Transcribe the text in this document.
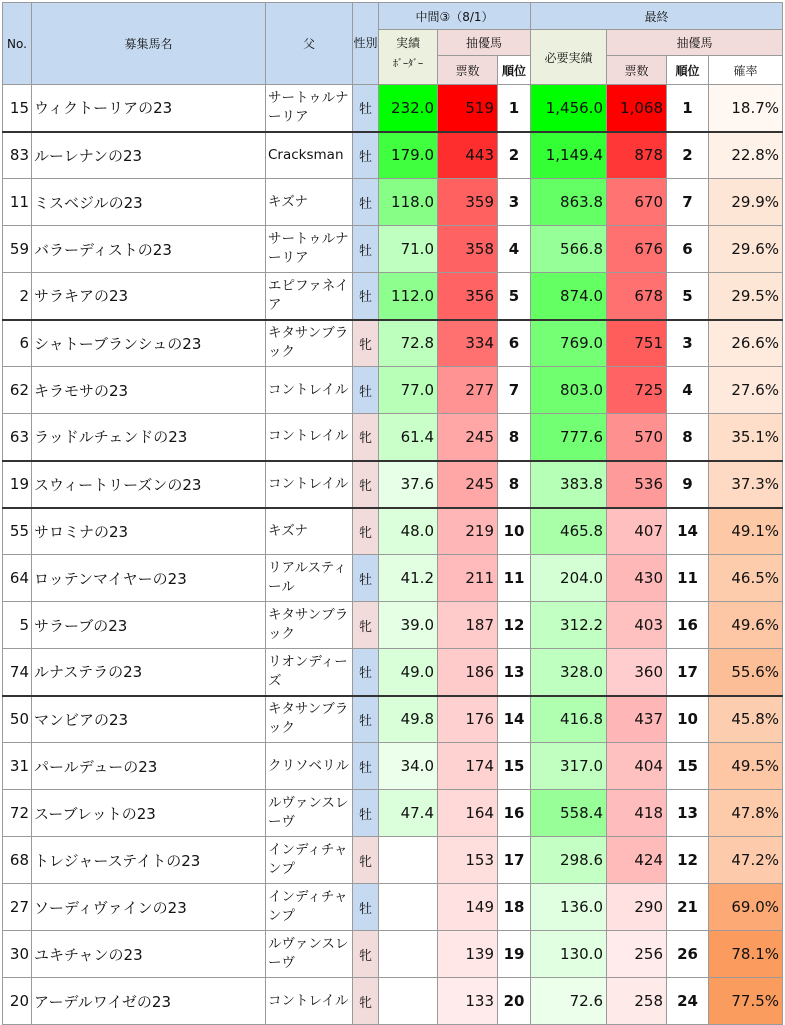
No.	募集馬名	父	性別	中間③（8/1）			最終			

				実績
ﾎﾞｰﾀﾞｰ	抽優馬		必要実績	抽優馬		
					票数	順位		票数	順位	確率
15	ウィクトーリアの23	サートゥルナーリア	牡	232.0	519	1	1,456.0	1,068	1	18.7%
83	ルーレナンの23	Cracksman	牡	179.0	443	2	1,149.4	878	2	22.8%
11	ミスベジルの23	キズナ	牡	118.0	359	3	863.8	670	7	29.9%
59	バラーディストの23	サートゥルナーリア	牡	71.0	358	4	566.8	676	6	29.6%
2	サラキアの23	エピファネイア	牡	112.0	356	5	874.0	678	5	29.5%
6	シャトーブランシュの23	キタサンブラック	牝	72.8	334	6	769.0	751	3	26.6%
62	キラモサの23	コントレイル	牡	77.0	277	7	803.0	725	4	27.6%
63	ラッドルチェンドの23	コントレイル	牝	61.4	245	8	777.6	570	8	35.1%
19	スウィートリーズンの23	コントレイル	牝	37.6	245	8	383.8	536	9	37.3%
55	サロミナの23	キズナ	牝	48.0	219	10	465.8	407	14	49.1%
64	ロッテンマイヤーの23	リアルスティール	牡	41.2	211	11	204.0	430	11	46.5%
5	サラーブの23	キタサンブラック	牝	39.0	187	12	312.2	403	16	49.6%
74	ルナステラの23	リオンディーズ	牡	49.0	186	13	328.0	360	17	55.6%
50	マンビアの23	キタサンブラック	牡	49.8	176	14	416.8	437	10	45.8%
31	パールデューの23	クリソベリル	牡	34.0	174	15	317.0	404	15	49.5%
72	スーブレットの23	ルヴァンスレーヴ	牡	47.4	164	16	558.4	418	13	47.8%
68	トレジャーステイトの23	インディチャンプ	牝		153	17	298.6	424	12	47.2%
27	ソーディヴァインの23	インディチャンプ	牡		149	18	136.0	290	21	69.0%
30	ユキチャンの23	ルヴァンスレーヴ	牝		139	19	130.0	256	26	78.1%
20	アーデルワイゼの23	コントレイル	牝		133	20	72.6	258	24	77.5%
